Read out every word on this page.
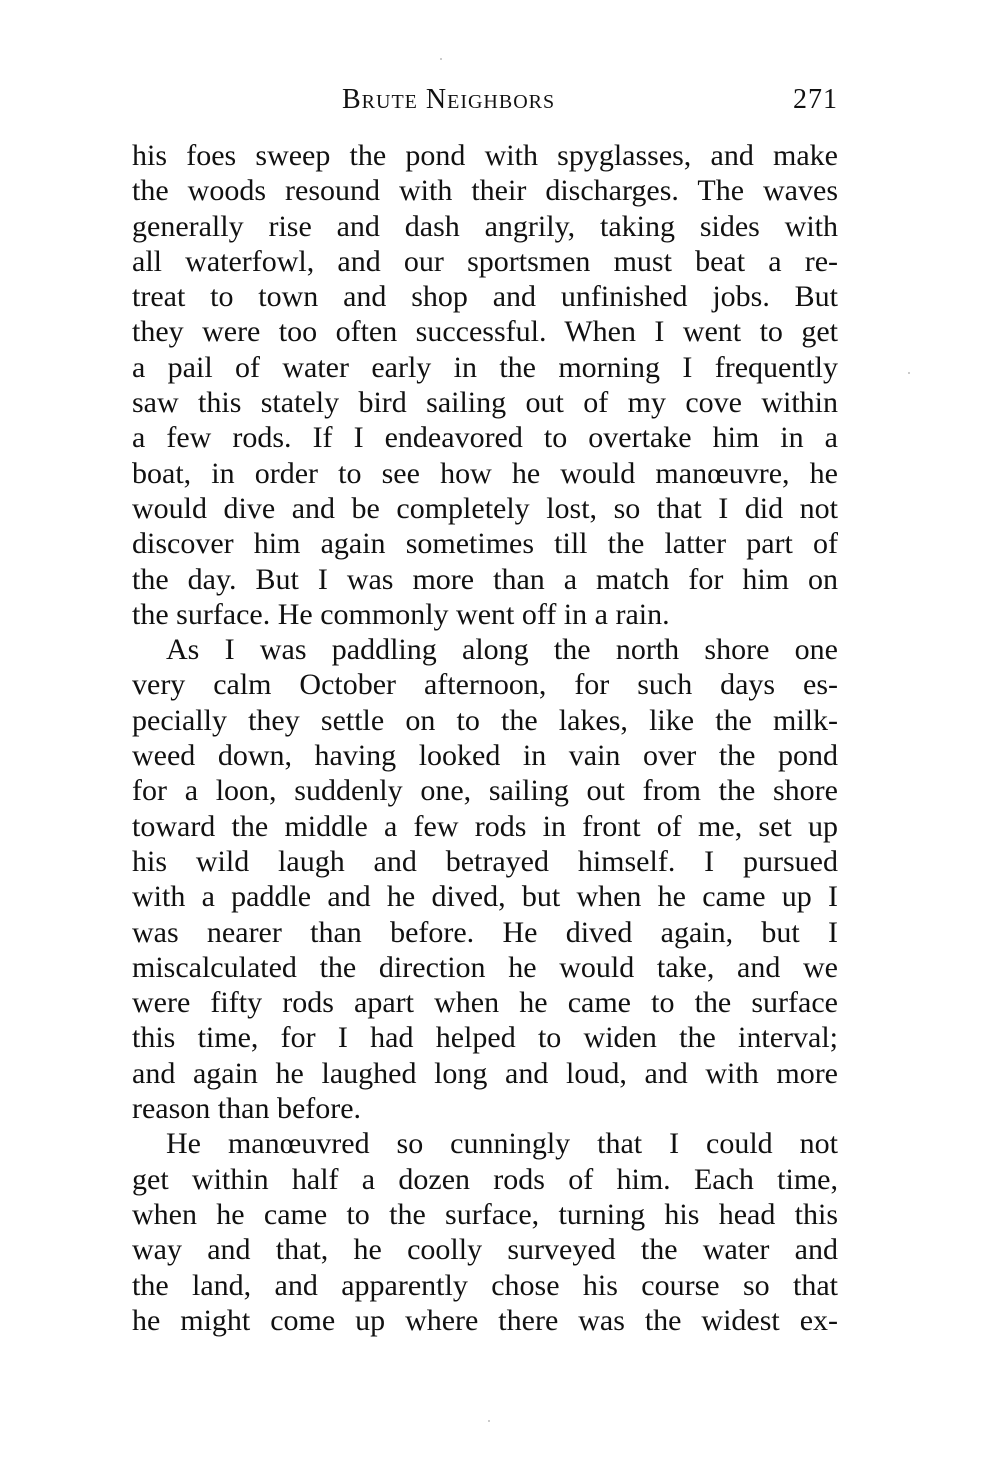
Brute Neighbors	271
his foes sweep the pond with spyglasses, and make
the woods resound with their discharges. The waves
generally rise and dash angrily, taking sides with
all waterfowl, and our sportsmen must beat a re-
treat to town and shop and unfinished jobs. But
they were too often successful. When I went to get
a pail of water early in the morning I frequently
saw this stately bird sailing out of my cove within
a few rods. If I endeavored to overtake him in a
boat, in order to see how he would manœuvre, he
would dive and be completely lost, so that I did not
discover him again sometimes till the latter part of
the day. But I was more than a match for him on
the surface. He commonly went off in a rain.
As I was paddling along the north shore one
very calm October afternoon, for such days es-
pecially they settle on to the lakes, like the milk-
weed down, having looked in vain over the pond
for a loon, suddenly one, sailing out from the shore
toward the middle a few rods in front of me, set up
his wild laugh and betrayed himself. I pursued
with a paddle and he dived, but when he came up I
was nearer than before. He dived again, but I
miscalculated the direction he would take, and we
were fifty rods apart when he came to the surface
this time, for I had helped to widen the interval;
and again he laughed long and loud, and with more
reason than before.
He manœuvred so cunningly that I could not
get within half a dozen rods of him. Each time,
when he came to the surface, turning his head this
way and that, he coolly surveyed the water and
the land, and apparently chose his course so that
he might come up where there was the widest ex-
